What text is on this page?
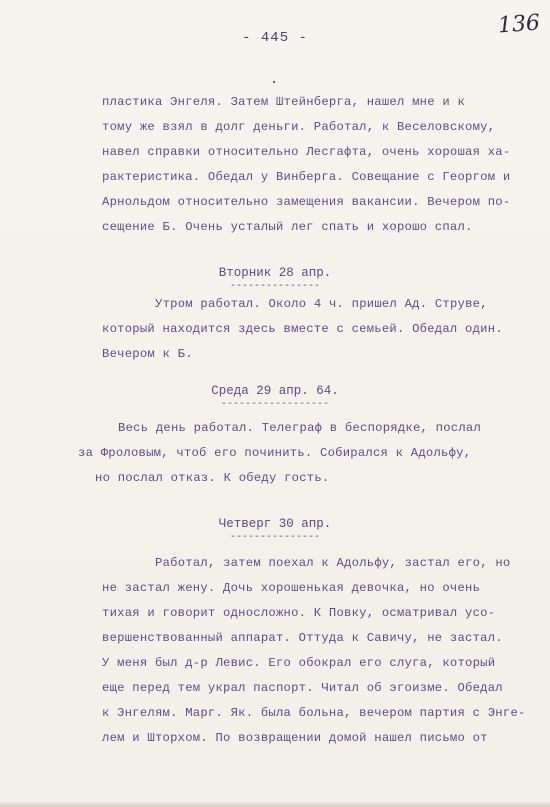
- 445 -	136
.
пластика Энгеля. Затем Штейнберга, нашел мне и к
тому же взял в долг деньги. Работал, к Веселовскому,
навел справки относительно Лесгафта, очень хорошая ха-
рактеристика. Обедал у Винберга. Совещание с Георгом и
Арнольдом относительно замещения вакансии. Вечером по-
сещение Б. Очень усталый лег спать и хорошо спал.
Вторник 28 апр.
---------------
Утром работал. Около 4 ч. пришел Ад. Струве,
который находится здесь вместе с семьей. Обедал один.
Вечером к Б.
Среда 29 апр. 64.
------------------
Весь день работал. Телеграф в беспорядке, послал
за Фроловым, чтоб его починить. Собирался к Адольфу,
но послал отказ. К обеду гость.
Четверг 30 апр.
---------------
Работал, затем поехал к Адольфу, застал его, но
не застал жену. Дочь хорошенькая девочка, но очень
тихая и говорит односложно. К Повку, осматривал усо-
вершенствованный аппарат. Оттуда к Савичу, не застал.
У меня был д-р Левис. Его обокрал его слуга, который
еще перед тем украл паспорт. Читал об эгоизме. Обедал
к Энгелям. Марг. Як. была больна, вечером партия с Энге-
лем и Шторхом. По возвращении домой нашел письмо от
